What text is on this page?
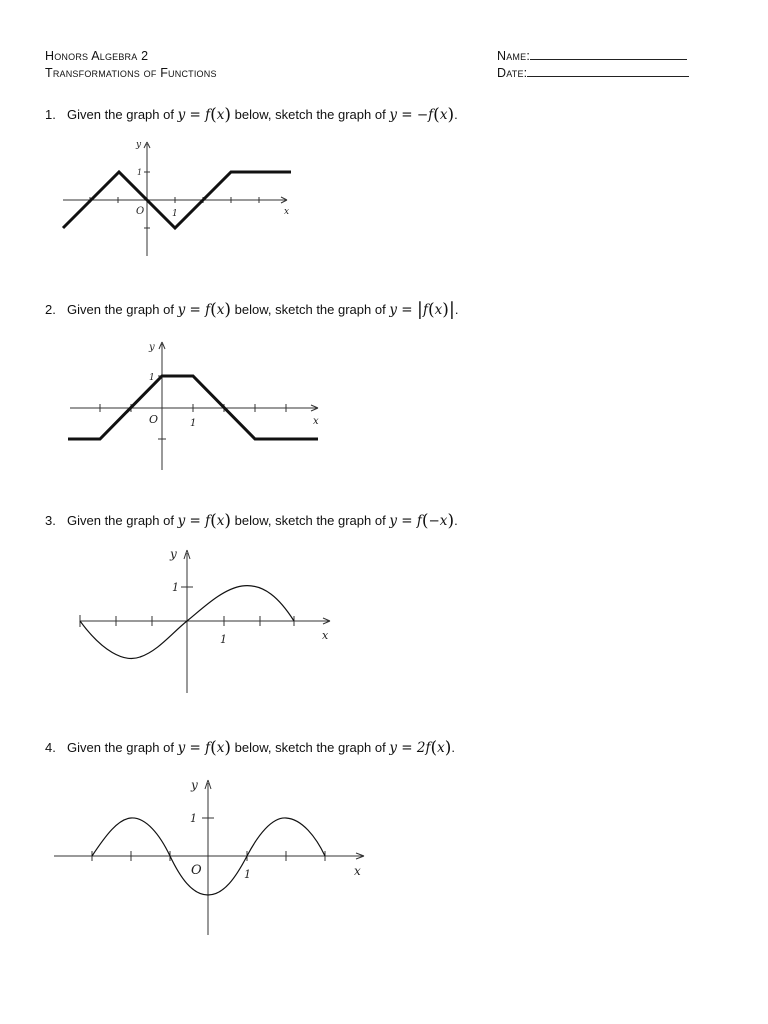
Honors Algebra 2
Transformations of Functions
Name:
Date:
1. Given the graph of y = f(x) below, sketch the graph of y = −f(x).
y
1
O	1	x
2. Given the graph of y = f(x) below, sketch the graph of y = |f(x)|.
y
1
O	1	x
3. Given the graph of y = f(x) below, sketch the graph of y = f(−x).
y
1
1	x
4. Given the graph of y = f(x) below, sketch the graph of y = 2f(x).
y
1
O	1	x
